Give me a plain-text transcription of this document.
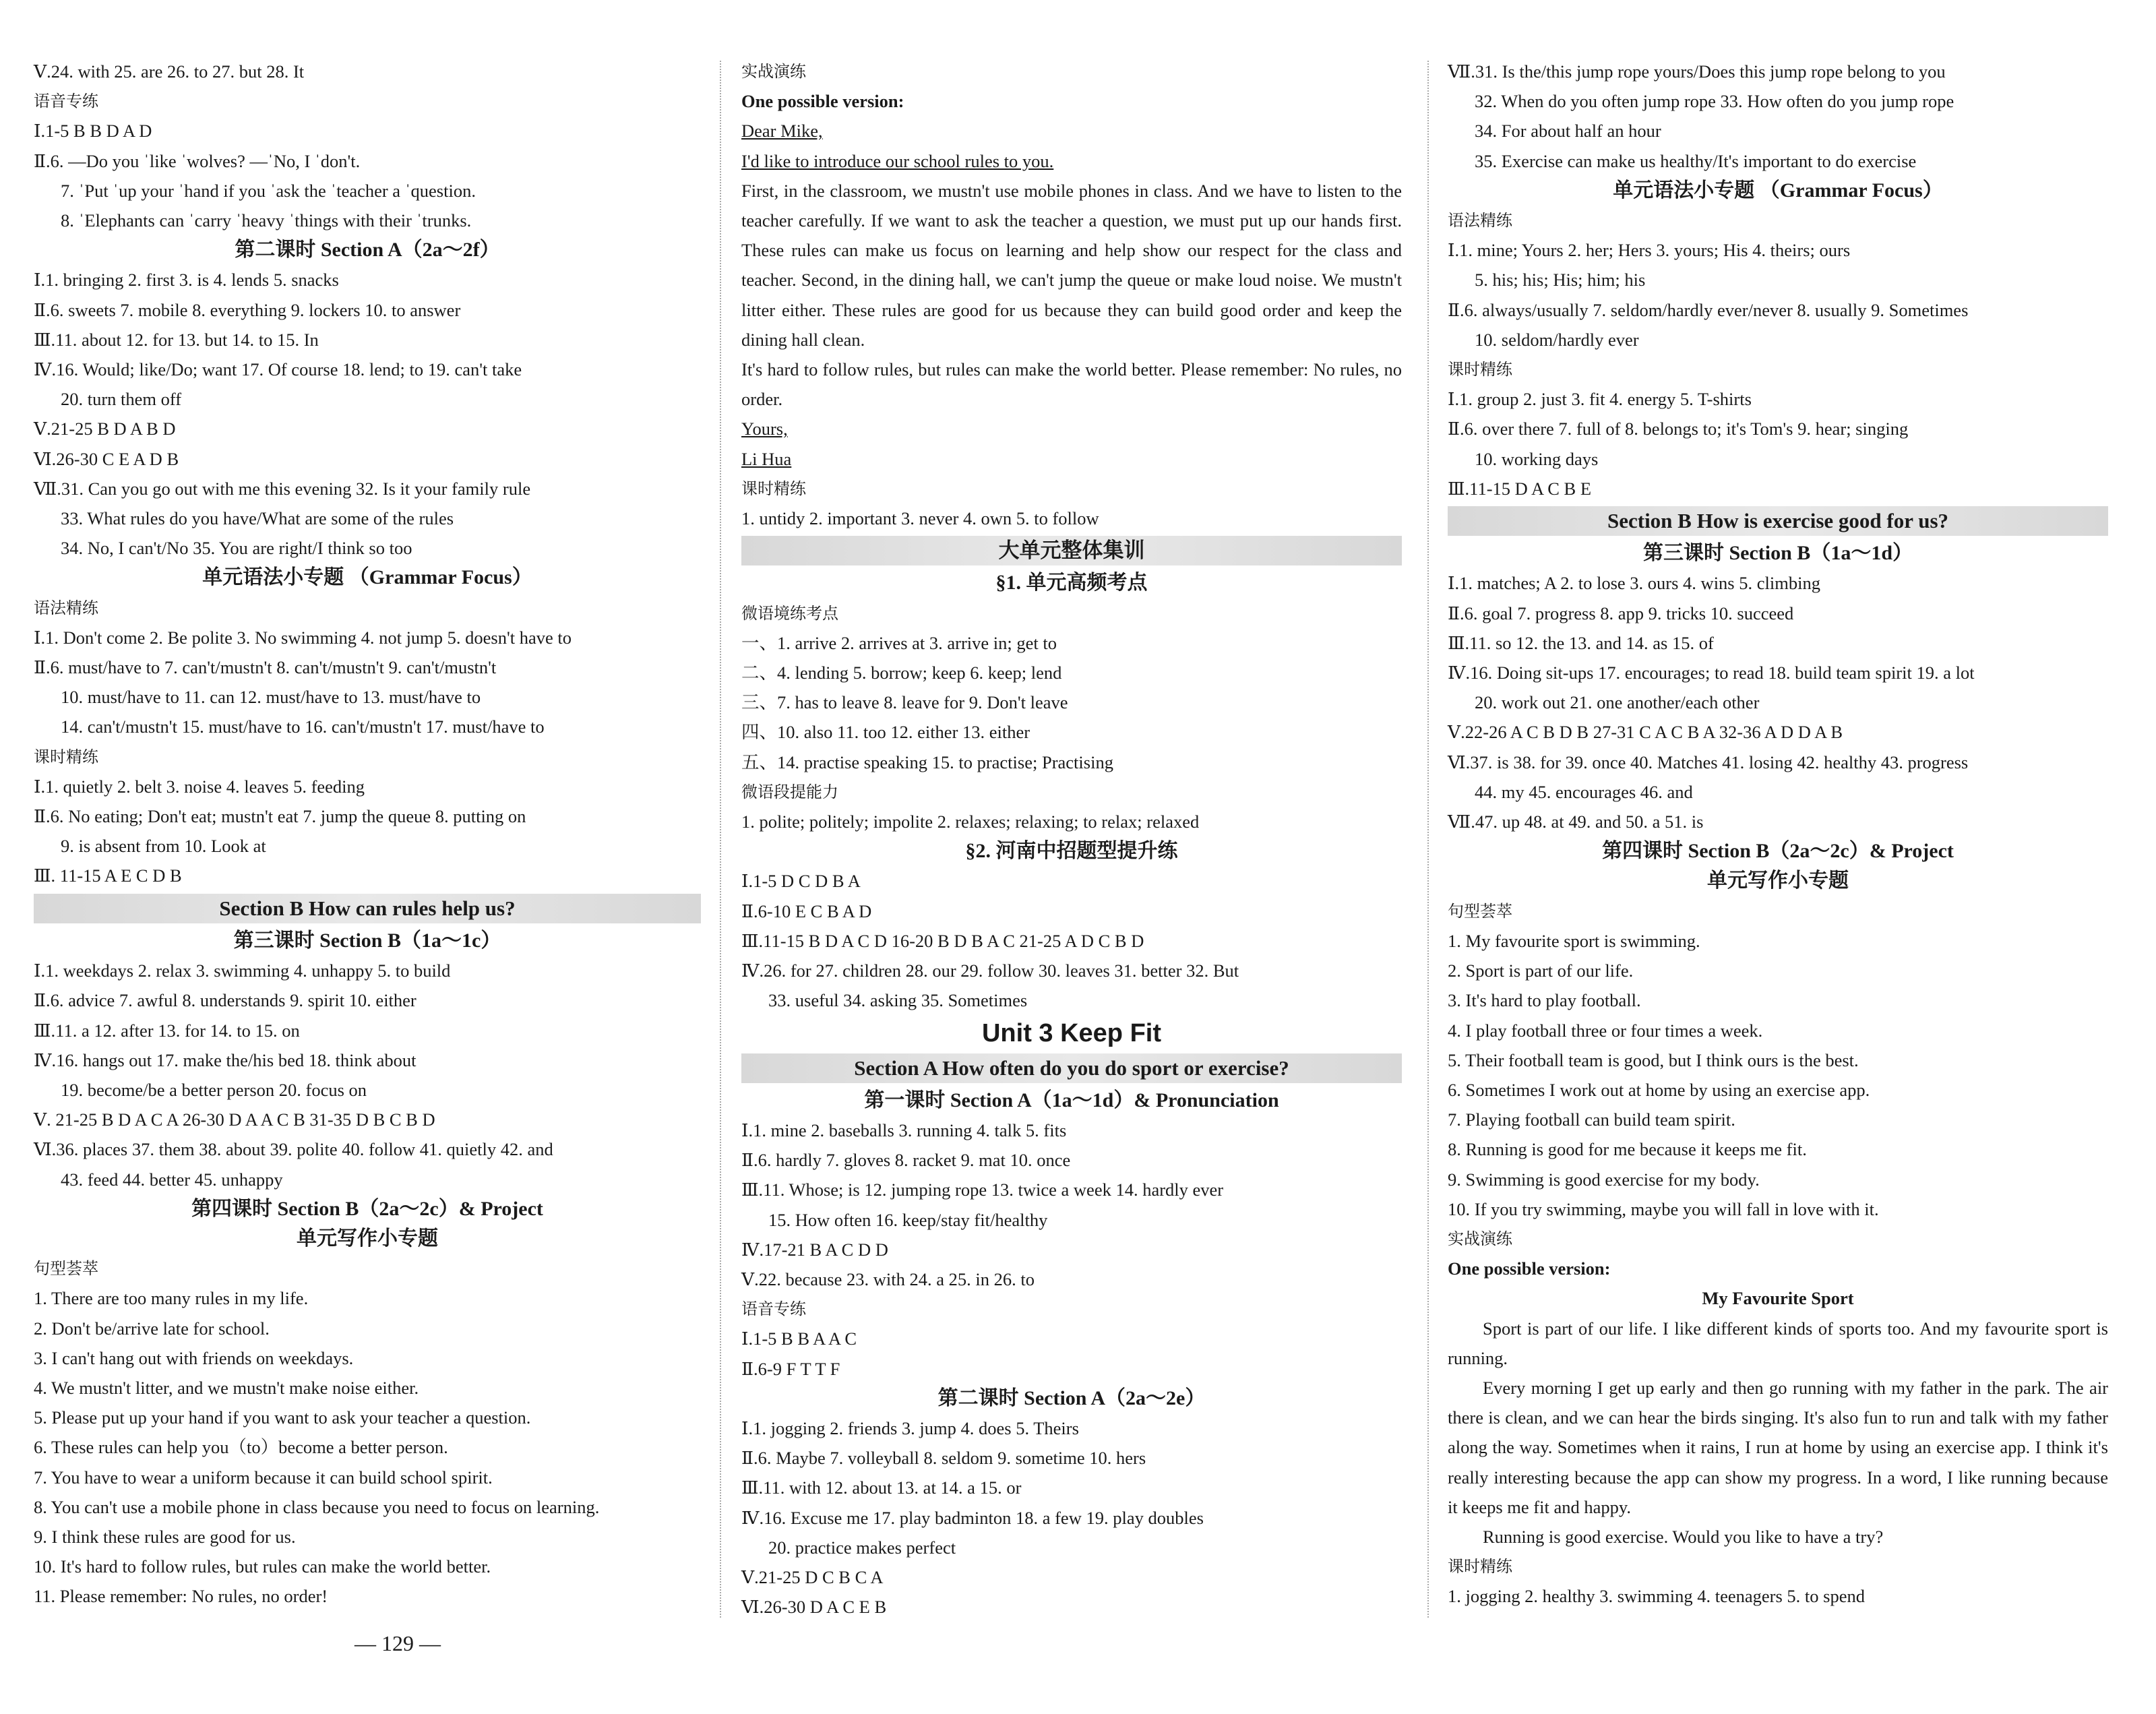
Ⅴ.24. with 25. are 26. to 27. but 28. It
语音专练
Ⅰ.1-5 B B D A D
Ⅱ.6. —Do you ˈlike ˈwolves? —ˈNo, I ˈdon't.
7. ˈPut ˈup your ˈhand if you ˈask the ˈteacher a ˈquestion.
8. ˈElephants can ˈcarry ˈheavy ˈthings with their ˈtrunks.
第二课时 Section A（2a～2f）
Ⅰ.1. bringing 2. first 3. is 4. lends 5. snacks
Ⅱ.6. sweets 7. mobile 8. everything 9. lockers 10. to answer
Ⅲ.11. about 12. for 13. but 14. to 15. In
Ⅳ.16. Would; like/Do; want 17. Of course 18. lend; to 19. can't take
20. turn them off
Ⅴ.21-25 B D A B D
Ⅵ.26-30 C E A D B
Ⅶ.31. Can you go out with me this evening 32. Is it your family rule
33. What rules do you have/What are some of the rules
34. No, I can't/No 35. You are right/I think so too
单元语法小专题 （Grammar Focus）
语法精练
Ⅰ.1. Don't come 2. Be polite 3. No swimming 4. not jump 5. doesn't have to
Ⅱ.6. must/have to 7. can't/mustn't 8. can't/mustn't 9. can't/mustn't
10. must/have to 11. can 12. must/have to 13. must/have to
14. can't/mustn't 15. must/have to 16. can't/mustn't 17. must/have to
课时精练
Ⅰ.1. quietly 2. belt 3. noise 4. leaves 5. feeding
Ⅱ.6. No eating; Don't eat; mustn't eat 7. jump the queue 8. putting on
9. is absent from 10. Look at
Ⅲ. 11-15 A E C D B
Section B How can rules help us?
第三课时 Section B（1a～1c）
Ⅰ.1. weekdays 2. relax 3. swimming 4. unhappy 5. to build
Ⅱ.6. advice 7. awful 8. understands 9. spirit 10. either
Ⅲ.11. a 12. after 13. for 14. to 15. on
Ⅳ.16. hangs out 17. make the/his bed 18. think about
19. become/be a better person 20. focus on
Ⅴ. 21-25 B D A C A 26-30 D A A C B 31-35 D B C B D
Ⅵ.36. places 37. them 38. about 39. polite 40. follow 41. quietly 42. and
43. feed 44. better 45. unhappy
第四课时 Section B（2a～2c）& Project
单元写作小专题
句型荟萃
1. There are too many rules in my life.
2. Don't be/arrive late for school.
3. I can't hang out with friends on weekdays.
4. We mustn't litter, and we mustn't make noise either.
5. Please put up your hand if you want to ask your teacher a question.
6. These rules can help you（to）become a better person.
7. You have to wear a uniform because it can build school spirit.
8. You can't use a mobile phone in class because you need to focus on learning.
9. I think these rules are good for us.
10. It's hard to follow rules, but rules can make the world better.
11. Please remember: No rules, no order!
实战演练
One possible version:
Dear Mike,
I'd like to introduce our school rules to you.
First, in the classroom, we mustn't use mobile phones in class. And we have to listen to the teacher carefully. If we want to ask the teacher a question, we must put up our hands first. These rules can make us focus on learning and help show our respect for the class and teacher. Second, in the dining hall, we can't jump the queue or make loud noise. We mustn't litter either. These rules are good for us because they can build good order and keep the dining hall clean.
It's hard to follow rules, but rules can make the world better. Please remember: No rules, no order.
Yours,
Li Hua
课时精练
1. untidy 2. important 3. never 4. own 5. to follow
大单元整体集训
§1. 单元高频考点
微语境练考点
一、1. arrive 2. arrives at 3. arrive in; get to
二、4. lending 5. borrow; keep 6. keep; lend
三、7. has to leave 8. leave for 9. Don't leave
四、10. also 11. too 12. either 13. either
五、14. practise speaking 15. to practise; Practising
微语段提能力
1. polite; politely; impolite 2. relaxes; relaxing; to relax; relaxed
§2. 河南中招题型提升练
Ⅰ.1-5 D C D B A
Ⅱ.6-10 E C B A D
Ⅲ.11-15 B D A C D 16-20 B D B A C 21-25 A D C B D
Ⅳ.26. for 27. children 28. our 29. follow 30. leaves 31. better 32. But
33. useful 34. asking 35. Sometimes
Unit 3 Keep Fit
Section A How often do you do sport or exercise?
第一课时 Section A（1a～1d）& Pronunciation
Ⅰ.1. mine 2. baseballs 3. running 4. talk 5. fits
Ⅱ.6. hardly 7. gloves 8. racket 9. mat 10. once
Ⅲ.11. Whose; is 12. jumping rope 13. twice a week 14. hardly ever
15. How often 16. keep/stay fit/healthy
Ⅳ.17-21 B A C D D
Ⅴ.22. because 23. with 24. a 25. in 26. to
语音专练
Ⅰ.1-5 B B A A C
Ⅱ.6-9 F T T F
第二课时 Section A（2a～2e）
Ⅰ.1. jogging 2. friends 3. jump 4. does 5. Theirs
Ⅱ.6. Maybe 7. volleyball 8. seldom 9. sometime 10. hers
Ⅲ.11. with 12. about 13. at 14. a 15. or
Ⅳ.16. Excuse me 17. play badminton 18. a few 19. play doubles
20. practice makes perfect
Ⅴ.21-25 D C B C A
Ⅵ.26-30 D A C E B
Ⅶ.31. Is the/this jump rope yours/Does this jump rope belong to you
32. When do you often jump rope 33. How often do you jump rope
34. For about half an hour
35. Exercise can make us healthy/It's important to do exercise
单元语法小专题 （Grammar Focus）
语法精练
Ⅰ.1. mine; Yours 2. her; Hers 3. yours; His 4. theirs; ours
5. his; his; His; him; his
Ⅱ.6. always/usually 7. seldom/hardly ever/never 8. usually 9. Sometimes
10. seldom/hardly ever
课时精练
Ⅰ.1. group 2. just 3. fit 4. energy 5. T-shirts
Ⅱ.6. over there 7. full of 8. belongs to; it's Tom's 9. hear; singing
10. working days
Ⅲ.11-15 D A C B E
Section B How is exercise good for us?
第三课时 Section B（1a～1d）
Ⅰ.1. matches; A 2. to lose 3. ours 4. wins 5. climbing
Ⅱ.6. goal 7. progress 8. app 9. tricks 10. succeed
Ⅲ.11. so 12. the 13. and 14. as 15. of
Ⅳ.16. Doing sit-ups 17. encourages; to read 18. build team spirit 19. a lot
20. work out 21. one another/each other
Ⅴ.22-26 A C B D B 27-31 C A C B A 32-36 A D D A B
Ⅵ.37. is 38. for 39. once 40. Matches 41. losing 42. healthy 43. progress
44. my 45. encourages 46. and
Ⅶ.47. up 48. at 49. and 50. a 51. is
第四课时 Section B（2a～2c）& Project
单元写作小专题
句型荟萃
1. My favourite sport is swimming.
2. Sport is part of our life.
3. It's hard to play football.
4. I play football three or four times a week.
5. Their football team is good, but I think ours is the best.
6. Sometimes I work out at home by using an exercise app.
7. Playing football can build team spirit.
8. Running is good for me because it keeps me fit.
9. Swimming is good exercise for my body.
10. If you try swimming, maybe you will fall in love with it.
实战演练
One possible version:
My Favourite Sport
Sport is part of our life. I like different kinds of sports too. And my favourite sport is running.
Every morning I get up early and then go running with my father in the park. The air there is clean, and we can hear the birds singing. It's also fun to run and talk with my father along the way. Sometimes when it rains, I run at home by using an exercise app. I think it's really interesting because the app can show my progress. In a word, I like running because it keeps me fit and happy.
Running is good exercise. Would you like to have a try?
课时精练
1. jogging 2. healthy 3. swimming 4. teenagers 5. to spend
— 129 —
